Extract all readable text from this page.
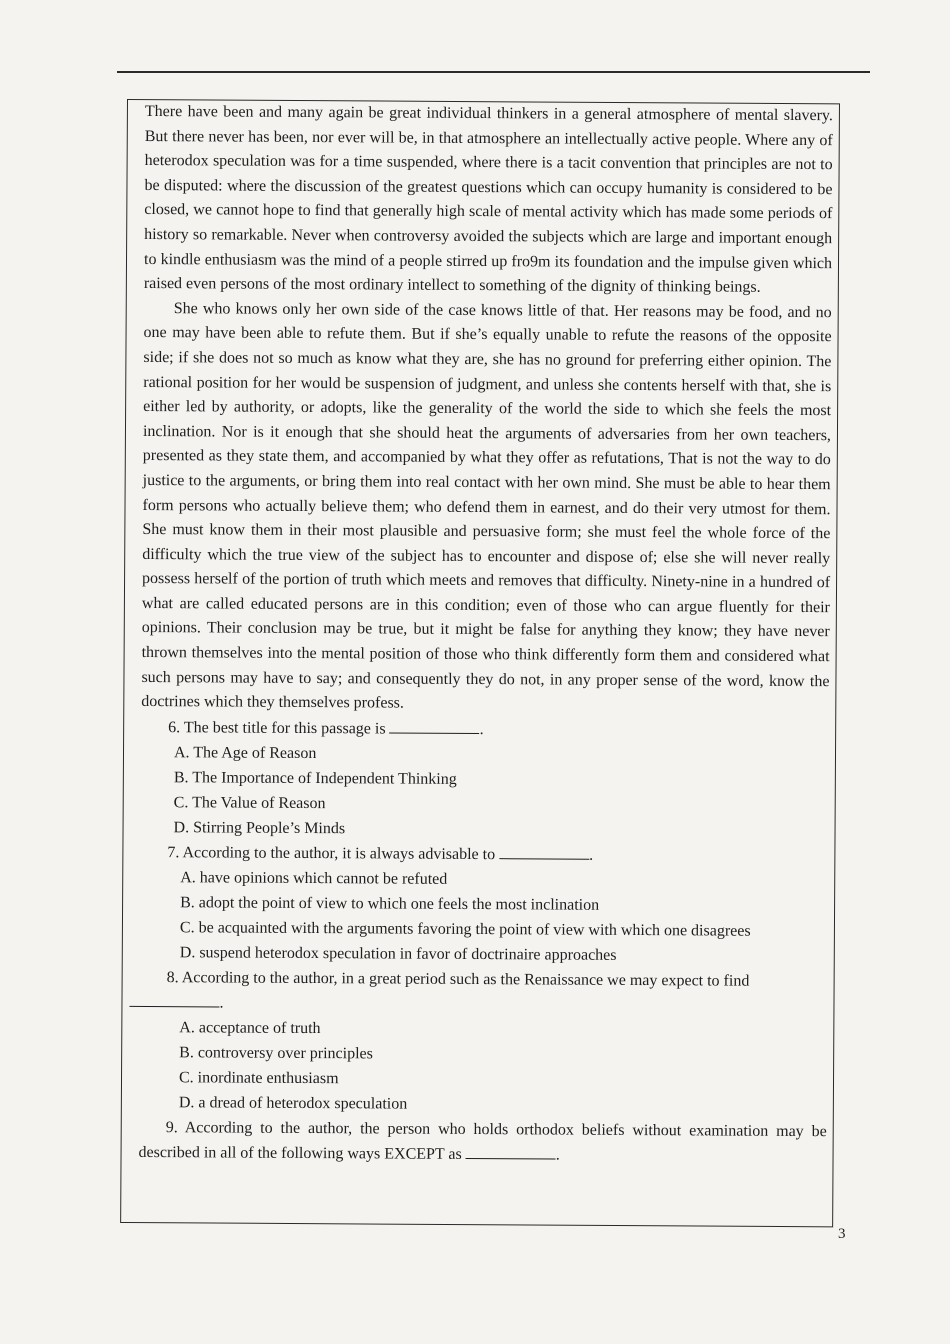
There have been and many again be great individual thinkers in a general atmosphere of mental slavery. But there never has been, nor ever will be, in that atmosphere an intellectually active people. Where any of heterodox speculation was for a time suspended, where there is a tacit convention that principles are not to be disputed: where the discussion of the greatest questions which can occupy humanity is considered to be closed, we cannot hope to find that generally high scale of mental activity which has made some periods of history so remarkable. Never when controversy avoided the subjects which are large and important enough to kindle enthusiasm was the mind of a people stirred up fro9m its foundation and the impulse given which raised even persons of the most ordinary intellect to something of the dignity of thinking beings.

She who knows only her own side of the case knows little of that. Her reasons may be food, and no one may have been able to refute them. But if she’s equally unable to refute the reasons of the opposite side; if she does not so much as know what they are, she has no ground for preferring either opinion. The rational position for her would be suspension of judgment, and unless she contents herself with that, she is either led by authority, or adopts, like the generality of the world the side to which she feels the most inclination. Nor is it enough that she should heat the arguments of adversaries from her own teachers, presented as they state them, and accompanied by what they offer as refutations, That is not the way to do justice to the arguments, or bring them into real contact with her own mind. She must be able to hear them form persons who actually believe them; who defend them in earnest, and do their very utmost for them. She must know them in their most plausible and persuasive form; she must feel the whole force of the difficulty which the true view of the subject has to encounter and dispose of; else she will never really possess herself of the portion of truth which meets and removes that difficulty. Ninety-nine in a hundred of what are called educated persons are in this condition; even of those who can argue fluently for their opinions. Their conclusion may be true, but it might be false for anything they know; they have never thrown themselves into the mental position of those who think differently form them and considered what such persons may have to say; and consequently they do not, in any proper sense of the word, know the doctrines which they themselves profess.

6. The best title for this passage is	.

A. The Age of Reason

B. The Importance of Independent Thinking

C. The Value of Reason

D. Stirring People’s Minds

7. According to the author, it is always advisable to	.

A. have opinions which cannot be refuted

B. adopt the point of view to which one feels the most inclination

C. be acquainted with the arguments favoring the point of view with which one disagrees

D. suspend heterodox speculation in favor of doctrinaire approaches

8. According to the author, in a great period such as the Renaissance we may expect to find

.

A. acceptance of truth

B. controversy over principles

C. inordinate enthusiasm

D. a dread of heterodox speculation

9. According to the author, the person who holds orthodox beliefs without examination may be described in all of the following ways EXCEPT as	.

3
